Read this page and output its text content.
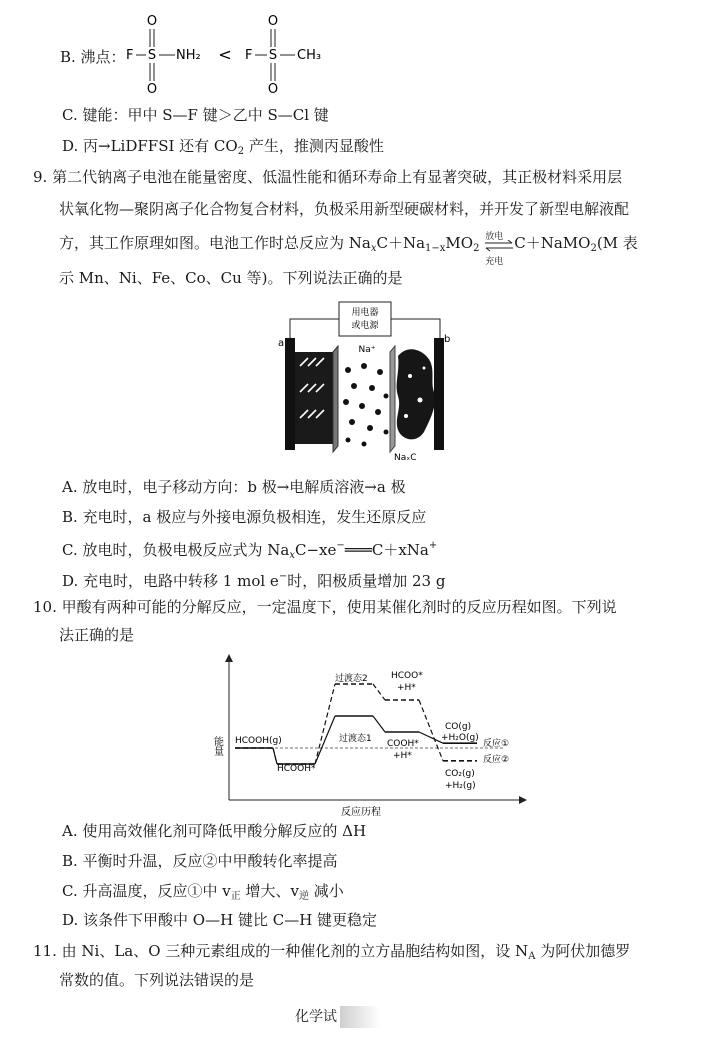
B. 沸点：
O
F S NH₂
O
<
O
F S CH₃
O
C. 键能：甲中 S—F 键＞乙中 S—Cl 键
D. 丙→LiDFFSI 还有 $CO_2$ 产生，推测丙显酸性
9. 第二代钠离子电池在能量密度、低温性能和循环寿命上有显著突破，其正极材料采用层
状氧化物—聚阴离子化合物复合材料，负极采用新型硬碳材料，并开发了新型电解液配
方，其工作原理如图。电池工作时总反应为 $Na_xC+Na_{1-x}MO_2$
放电
充电
C＋NaMO$_2$(M 表
示 Mn、Ni、Fe、Co、Cu 等)。下列说法正确的是
用电器
或电源
a	b
Na⁺
NaₓC
A. 放电时，电子移动方向：b 极→电解质溶液→a 极
B. 充电时，a 极应与外接电源负极相连，发生还原反应
C. 放电时，负极电极反应式为 $Na_xC-xe^-═══C+xNa^+$
D. 充电时，电路中转移 1 mol e−时，阳极质量增加 23 g
10. 甲酸有两种可能的分解反应，一定温度下，使用某催化剂时的反应历程如图。下列说
法正确的是
能量
反应历程
HCOOH(g)
HCOOH*
过渡态2	HCOO*
+H*
过渡态1 COOH*
+H*
CO(g)
+H₂O(g)
反应①
反应②
CO₂(g)
+H₂(g)
A. 使用高效催化剂可降低甲酸分解反应的 ΔH
B. 平衡时升温，反应②中甲酸转化率提高
C. 升高温度，反应①中 $v_正$ 增大、$v_逆$ 减小
D. 该条件下甲酸中 O—H 键比 C—H 键更稳定
11. 由 Ni、La、O 三种元素组成的一种催化剂的立方晶胞结构如图，设 $N_A$ 为阿伏加德罗
常数的值。下列说法错误的是
化学试
